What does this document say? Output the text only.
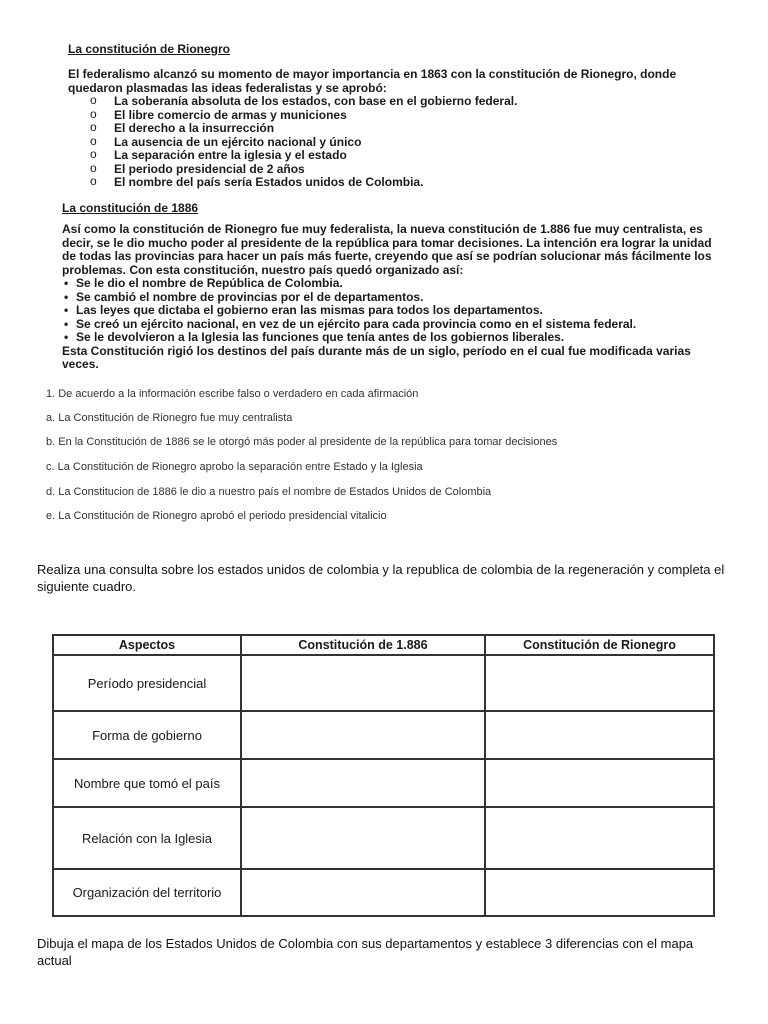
La constitución de Rionegro
El federalismo alcanzó su momento de mayor importancia en 1863 con la constitución de Rionegro, donde quedaron plasmadas las ideas federalistas y se aprobó:
o La soberanía absoluta de los estados, con base en el gobierno federal.
o El libre comercio de armas y municiones
o El derecho a la insurrección
o La ausencia de un ejército nacional y único
o La separación entre la iglesia y el estado
o El periodo presidencial de 2 años
o El nombre del país sería Estados unidos de Colombia.
La constitución de 1886

Así como la constitución de Rionegro fue muy federalista, la nueva constitución de 1.886 fue muy centralista, es decir, se le dio mucho poder al presidente de la república para tomar decisiones. La intención era lograr la unidad de todas las provincias para hacer un país más fuerte, creyendo que así se podrían solucionar más fácilmente los problemas. Con esta constitución, nuestro país quedó organizado así:

• Se le dio el nombre de República de Colombia.
• Se cambió el nombre de provincias por el de departamentos.
• Las leyes que dictaba el gobierno eran las mismas para todos los departamentos.
• Se creó un ejército nacional, en vez de un ejército para cada provincia como en el sistema federal.
• Se le devolvieron a la Iglesia las funciones que tenía antes de los gobiernos liberales.

Esta Constitución rigió los destinos del país durante más de un siglo, período en el cual fue modificada varias veces.

1. De acuerdo a la información escribe falso o verdadero en cada afirmación
a. La Constitución de Rionegro fue muy centralista
b. En la Constitución de 1886 se le otorgó más poder al presidente de la república para tomar decisiones
c. La Constitución de Rionegro aprobo la separación entre Estado y la Iglesia
d. La Constitucion de 1886 le dio a nuestro país el nombre de Estados Unidos de Colombia
e. La Constitución de Rionegro aprobó el periodo presidencial vitalicio
Realiza una consulta sobre los estados unidos de colombia y la republica de colombia de la regeneración y completa el siguiente cuadro.
Aspectos	Constitución de 1.886	Constitución de Rionegro
Período presidencial		
Forma de gobierno		
Nombre que tomó el país		
Relación con la Iglesia		
Organización del territorio		
Dibuja el mapa de los Estados Unidos de Colombia con sus departamentos y establece 3 diferencias con el mapa actual
